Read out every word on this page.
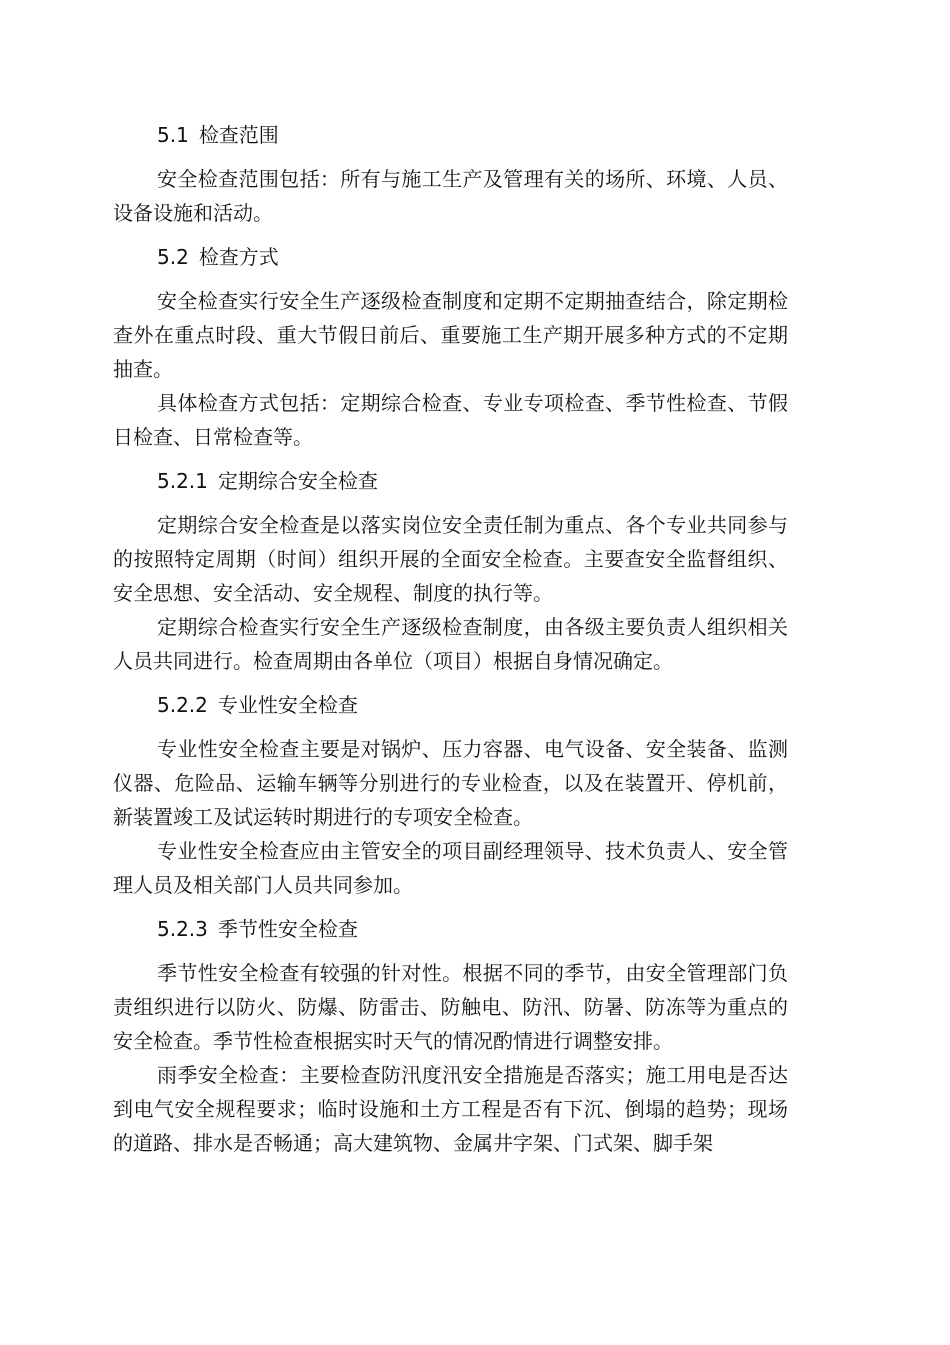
5.1 检查范围

安全检查范围包括：所有与施工生产及管理有关的场所、环境、人员、设备设施和活动。

5.2 检查方式

安全检查实行安全生产逐级检查制度和定期不定期抽查结合，除定期检查外在重点时段、重大节假日前后、重要施工生产期开展多种方式的不定期抽查。

具体检查方式包括：定期综合检查、专业专项检查、季节性检查、节假日检查、日常检查等。

5.2.1 定期综合安全检查

定期综合安全检查是以落实岗位安全责任制为重点、各个专业共同参与的按照特定周期（时间）组织开展的全面安全检查。主要查安全监督组织、安全思想、安全活动、安全规程、制度的执行等。

定期综合检查实行安全生产逐级检查制度，由各级主要负责人组织相关人员共同进行。检查周期由各单位（项目）根据自身情况确定。

5.2.2 专业性安全检查

专业性安全检查主要是对锅炉、压力容器、电气设备、安全装备、监测仪器、危险品、运输车辆等分别进行的专业检查，以及在装置开、停机前，新装置竣工及试运转时期进行的专项安全检查。

专业性安全检查应由主管安全的项目副经理领导、技术负责人、安全管理人员及相关部门人员共同参加。

5.2.3 季节性安全检查

季节性安全检查有较强的针对性。根据不同的季节，由安全管理部门负责组织进行以防火、防爆、防雷击、防触电、防汛、防暑、防冻等为重点的安全检查。季节性检查根据实时天气的情况酌情进行调整安排。

雨季安全检查：主要检查防汛度汛安全措施是否落实；施工用电是否达到电气安全规程要求；临时设施和土方工程是否有下沉、倒塌的趋势；现场的道路、排水是否畅通；高大建筑物、金属井字架、门式架、脚手架
